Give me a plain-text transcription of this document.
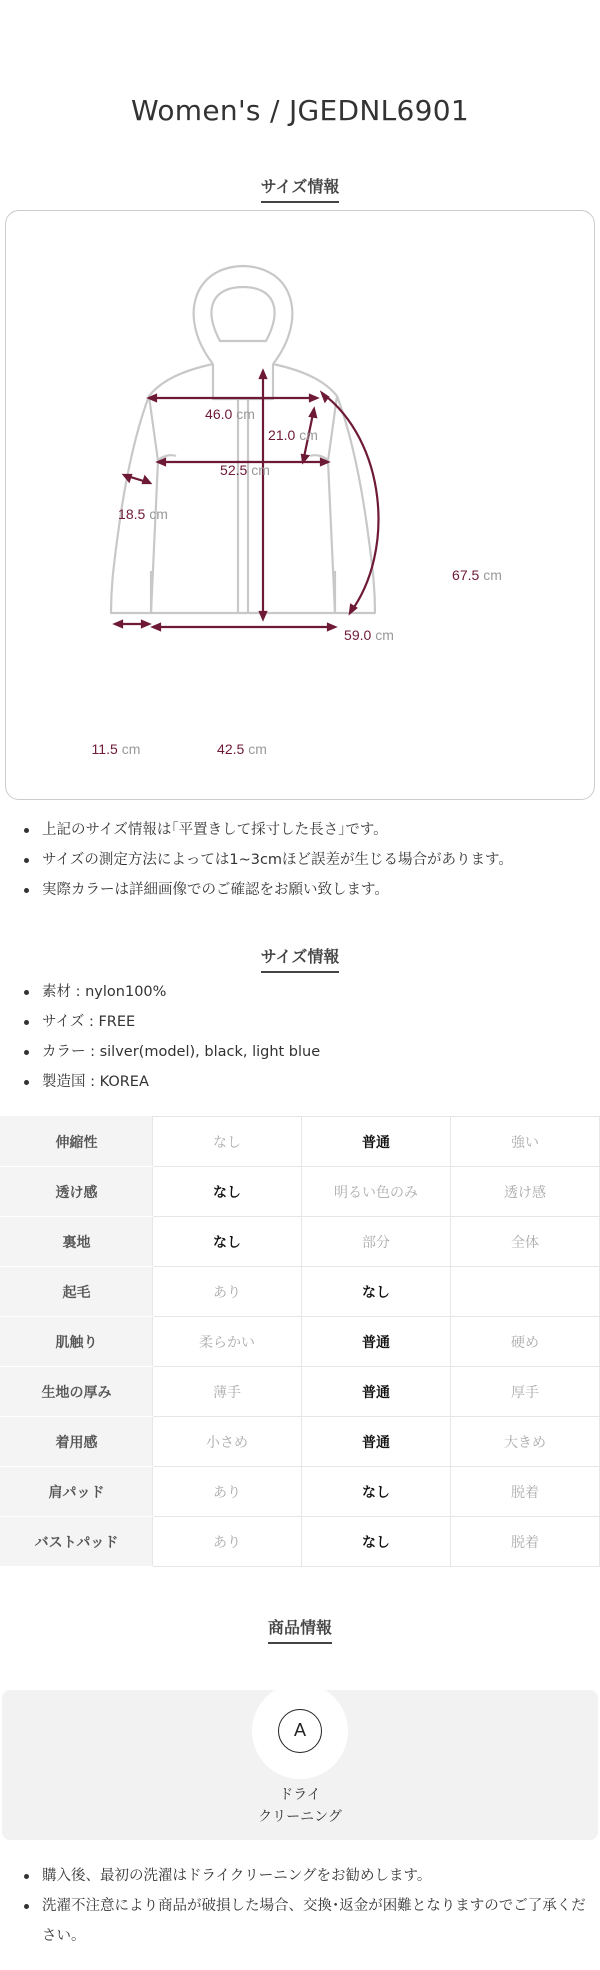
Women's / JGEDNL6901
サイズ情報
46.0 cm
21.0 cm
52.5 cm
18.5 cm
67.5 cm
59.0 cm
11.5 cm	42.5 cm
上記のサイズ情報は｢平置きして採寸した長さ｣です。
サイズの測定方法によっては1~3cmほど誤差が生じる場合があります。
実際カラーは詳細画像でのご確認をお願い致します。
サイズ情報
素材 : nylon100%
サイズ : FREE
カラー : silver(model), black, light blue
製造国 : KOREA
伸縮性	なし	普通	強い
透け感	なし	明るい色のみ	透け感
裏地	なし	部分	全体
起毛	あり	なし	
肌触り	柔らかい	普通	硬め
生地の厚み	薄手	普通	厚手
着用感	小さめ	普通	大きめ
肩パッド	あり	なし	脱着
バストパッド	あり	なし	脱着
商品情報
A
ドライ
クリーニング
購入後、最初の洗濯はドライクリーニングをお勧めします。
洗濯不注意により商品が破損した場合、交換･返金が困難となりますのでご了承ください。
